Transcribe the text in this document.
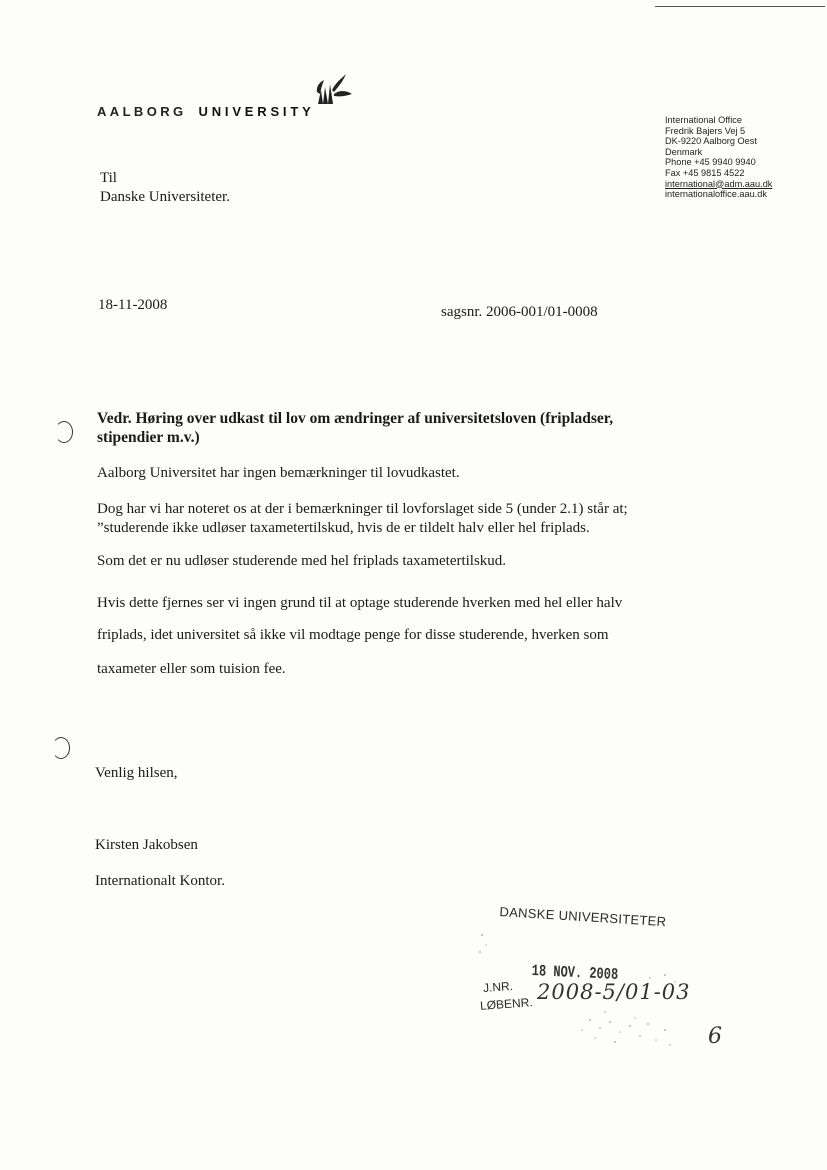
AALBORG UNIVERSITY
International Office
Fredrik Bajers Vej 5
DK-9220 Aalborg Oest
Denmark
Phone +45 9940 9940
Fax +45 9815 4522
international@adm.aau.dk
internationaloffice.aau.dk
Til
Danske Universiteter.
18-11-2008	sagsnr. 2006-001/01-0008
Vedr. Høring over udkast til lov om ændringer af universitetsloven (fripladser, stipendier m.v.)
Aalborg Universitet har ingen bemærkninger til lovudkastet.
Dog har vi har noteret os at der i bemærkninger til lovforslaget side 5 (under 2.1) står at;
”studerende ikke udløser taxametertilskud, hvis de er tildelt halv eller hel friplads.
Som det er nu udløser studerende med hel friplads taxametertilskud.
Hvis dette fjernes ser vi ingen grund til at optage studerende hverken med hel eller halv
friplads, idet universitet så ikke vil modtage penge for disse studerende, hverken som
taxameter eller som tuision fee.
Venlig hilsen,
Kirsten Jakobsen
Internationalt Kontor.
DANSKE UNIVERSITETER
18 NOV. 2008
J.NR.
LØBENR. 2008-5/01-03
6
